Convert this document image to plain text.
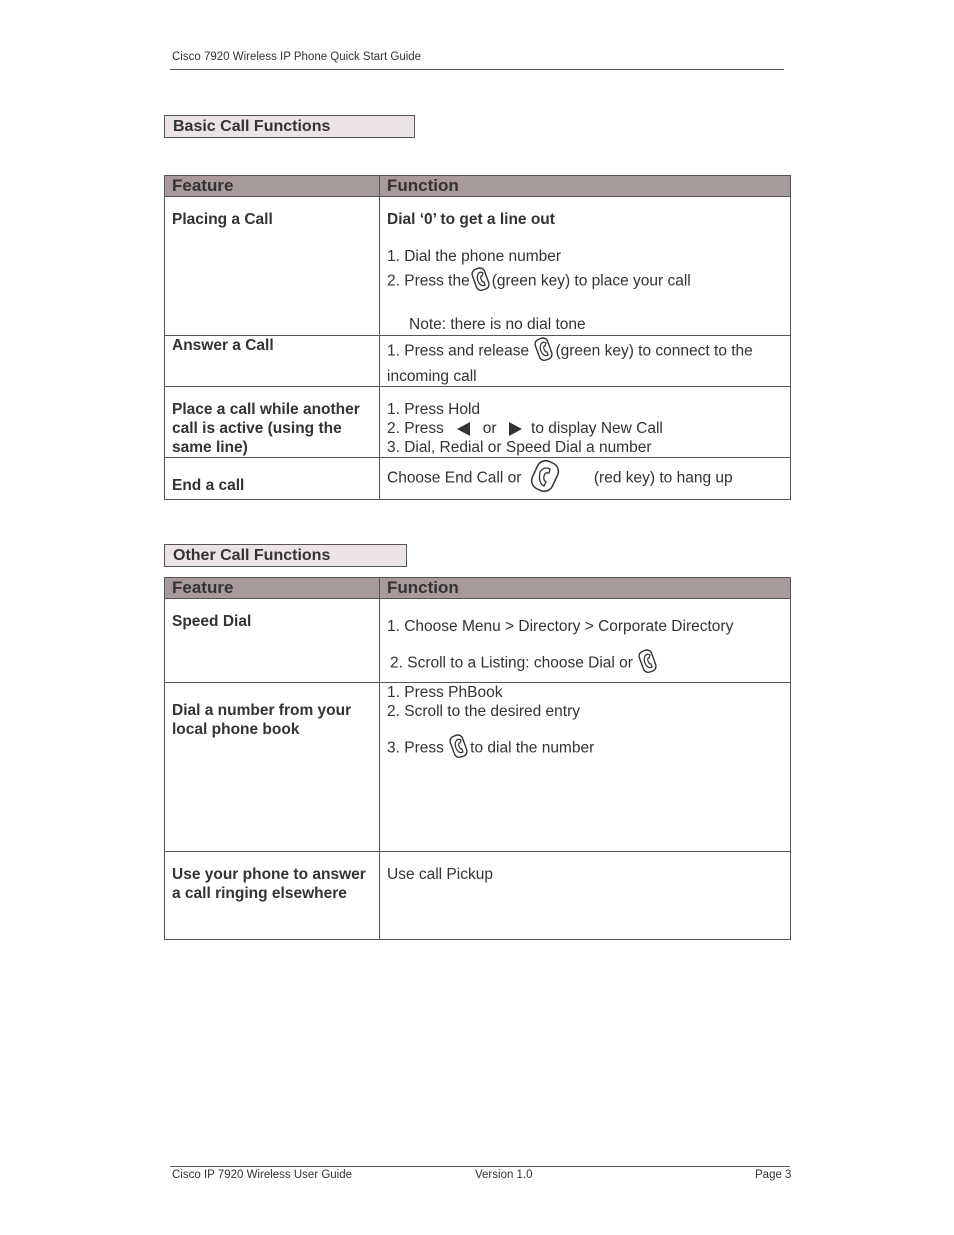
Cisco 7920 Wireless IP Phone Quick Start Guide
Basic Call Functions
Feature	Function
Placing a Call	Dial ‘0’ to get a line out
1. Dial the phone number
2. Press the (green key) to place your call
Note: there is no dial tone

Answer a Call	1. Press and release (green key) to connect to the incoming call
Place a call while another call is active (using the same line)	1. Press Hold
2. Press or to display New Call
3. Dial, Redial or Speed Dial a number

End a call	Choose End Call or (red key) to hang up
Other Call Functions
Feature	Function
Speed Dial	1. Choose Menu > Directory > Corporate Directory
2. Scroll to a Listing: choose Dial or

Dial a number from your local phone book	1. Press PhBook
2. Scroll to the desired entry
3. Press to dial the number

Use your phone to answer a call ringing elsewhere	Use call Pickup
Cisco IP 7920 Wireless User Guide	Version 1.0	Page 3
